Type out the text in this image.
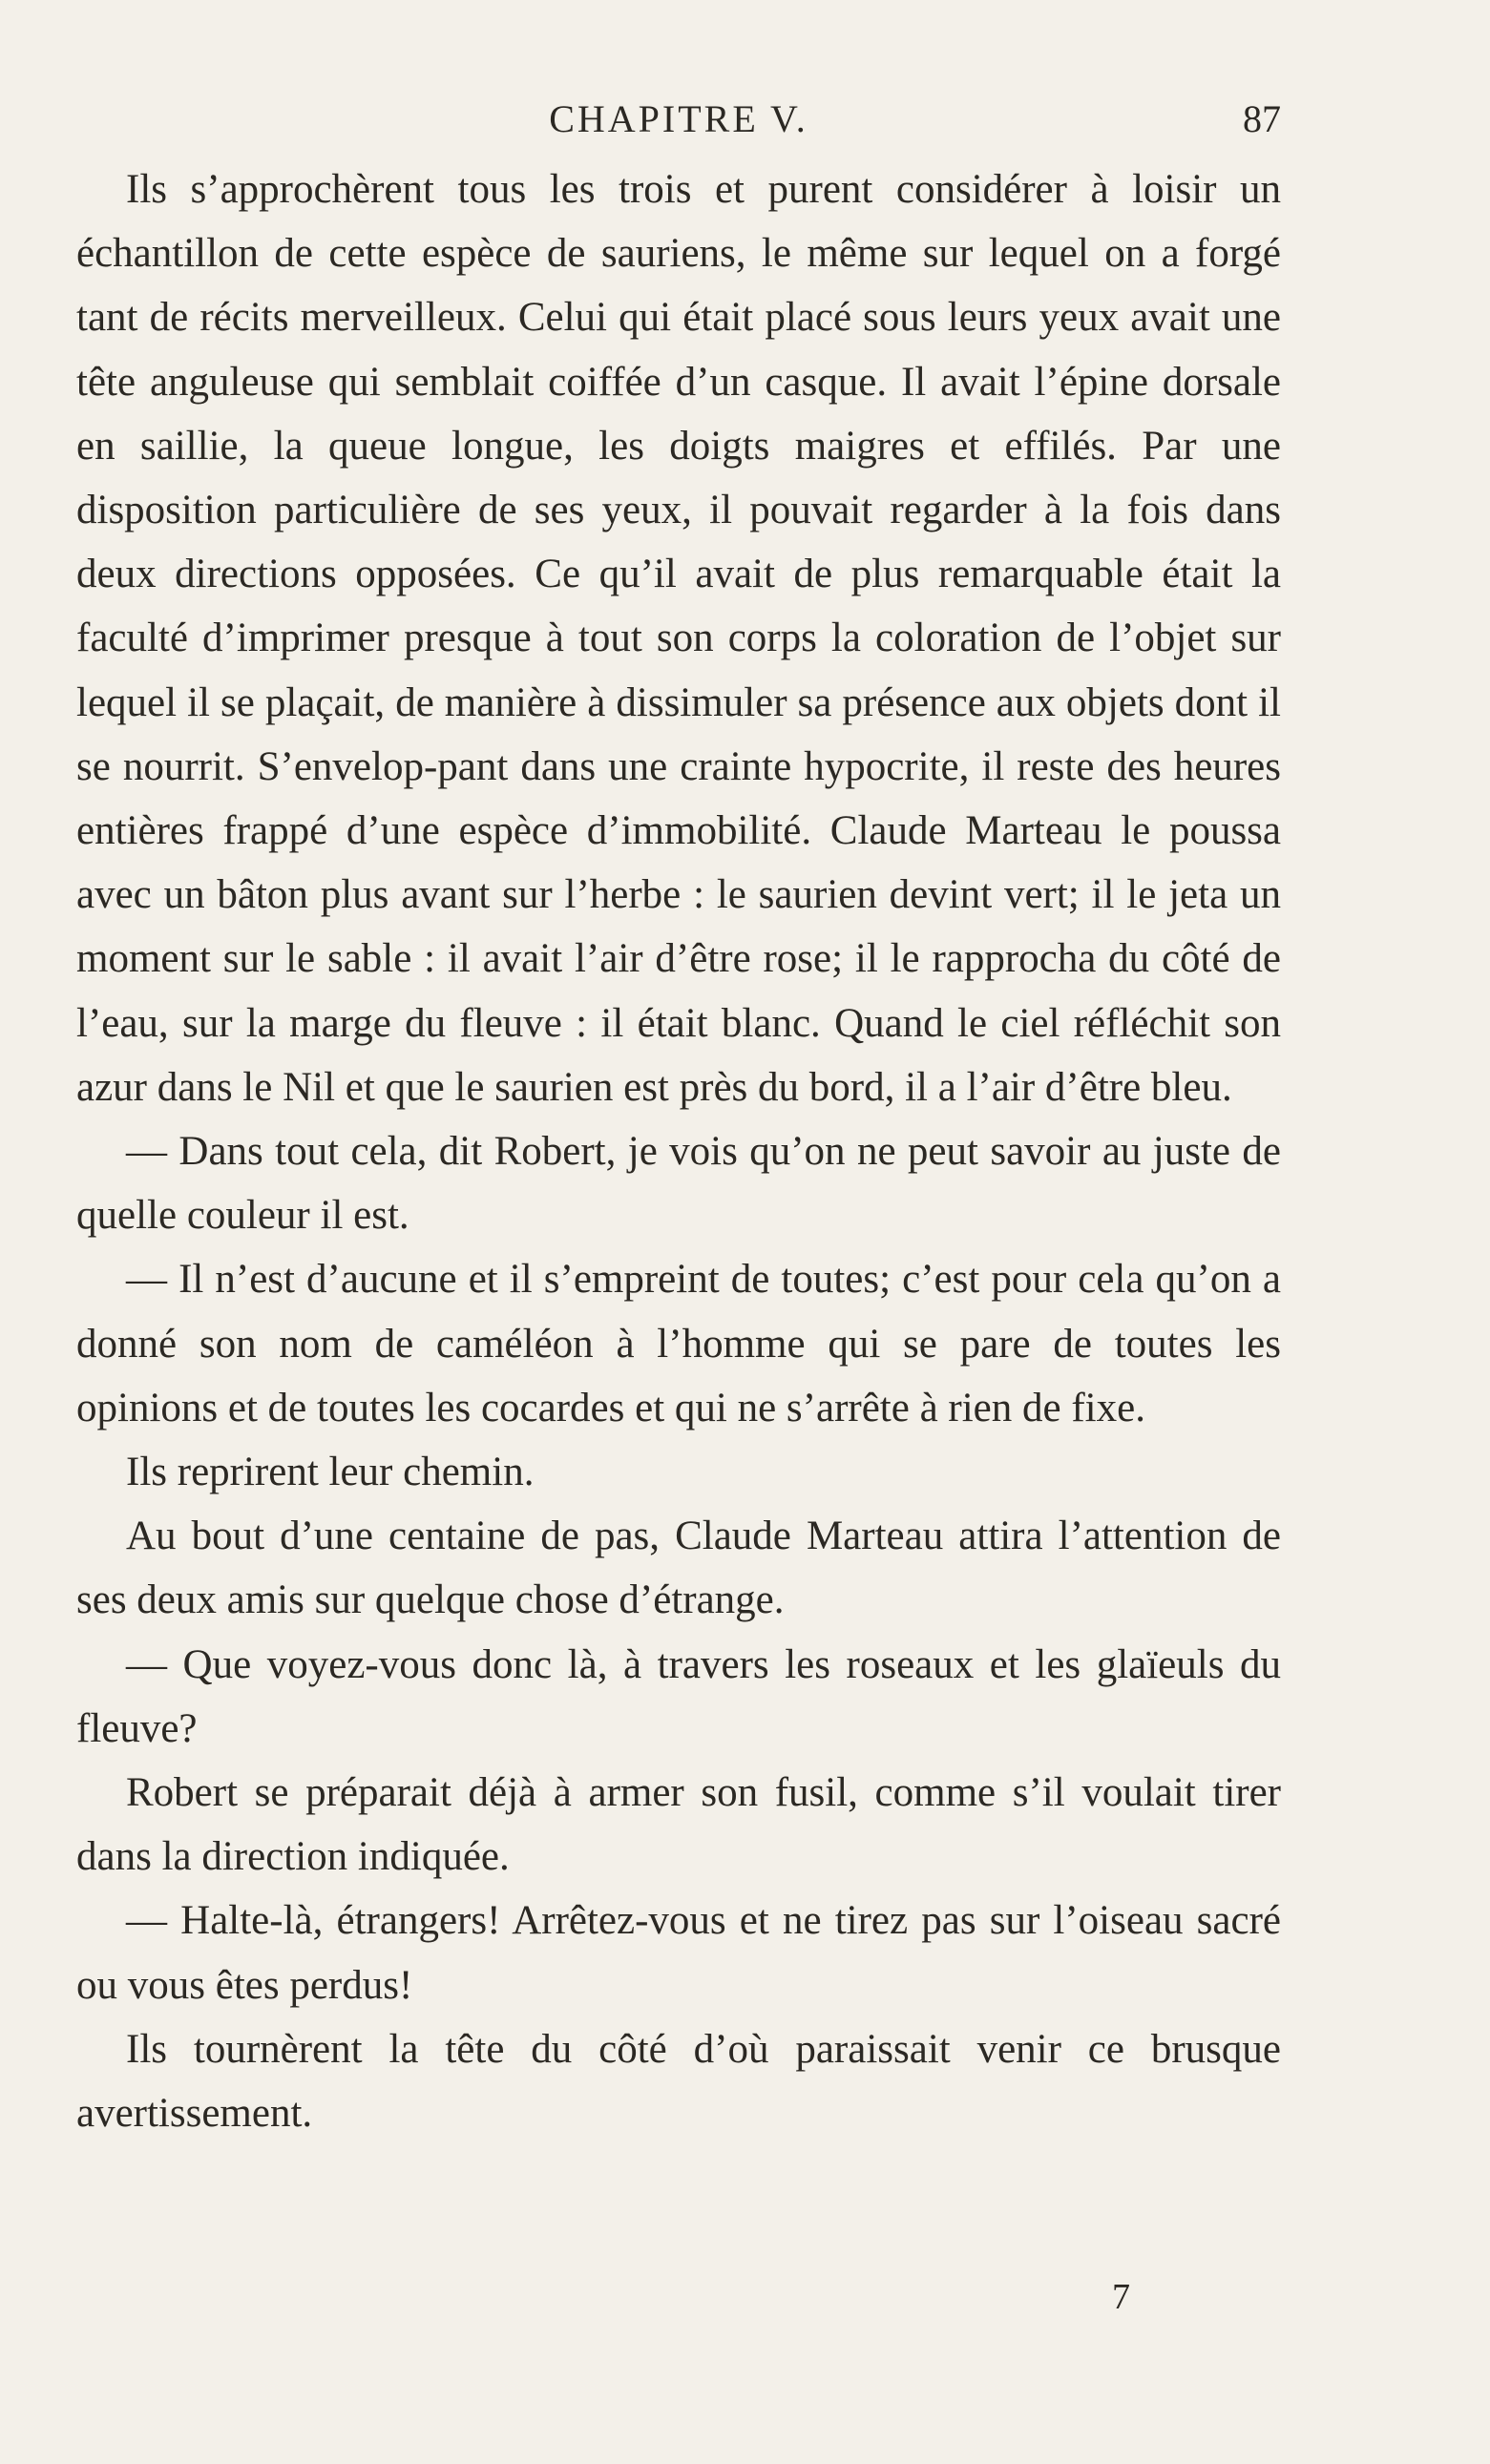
CHAPITRE V.	87

Ils s’approchèrent tous les trois et purent considérer à loisir un échantillon de cette espèce de sauriens, le même sur lequel on a forgé tant de récits merveilleux. Celui qui était placé sous leurs yeux avait une tête anguleuse qui semblait coiffée d’un casque. Il avait l’épine dorsale en saillie, la queue longue, les doigts maigres et effilés. Par une disposition particulière de ses yeux, il pouvait regarder à la fois dans deux directions opposées. Ce qu’il avait de plus remarquable était la faculté d’imprimer presque à tout son corps la coloration de l’objet sur lequel il se plaçait, de manière à dissimuler sa présence aux objets dont il se nourrit. S’envelop-pant dans une crainte hypocrite, il reste des heures entières frappé d’une espèce d’immobilité. Claude Marteau le poussa avec un bâton plus avant sur l’herbe : le saurien devint vert; il le jeta un moment sur le sable : il avait l’air d’être rose; il le rapprocha du côté de l’eau, sur la marge du fleuve : il était blanc. Quand le ciel réfléchit son azur dans le Nil et que le saurien est près du bord, il a l’air d’être bleu.

— Dans tout cela, dit Robert, je vois qu’on ne peut savoir au juste de quelle couleur il est.

— Il n’est d’aucune et il s’empreint de toutes; c’est pour cela qu’on a donné son nom de caméléon à l’homme qui se pare de toutes les opinions et de toutes les cocardes et qui ne s’arrête à rien de fixe.

Ils reprirent leur chemin.

Au bout d’une centaine de pas, Claude Marteau attira l’attention de ses deux amis sur quelque chose d’étrange.

— Que voyez-vous donc là, à travers les roseaux et les glaïeuls du fleuve?

Robert se préparait déjà à armer son fusil, comme s’il voulait tirer dans la direction indiquée.

— Halte-là, étrangers! Arrêtez-vous et ne tirez pas sur l’oiseau sacré ou vous êtes perdus!

Ils tournèrent la tête du côté d’où paraissait venir ce brusque avertissement.

7
